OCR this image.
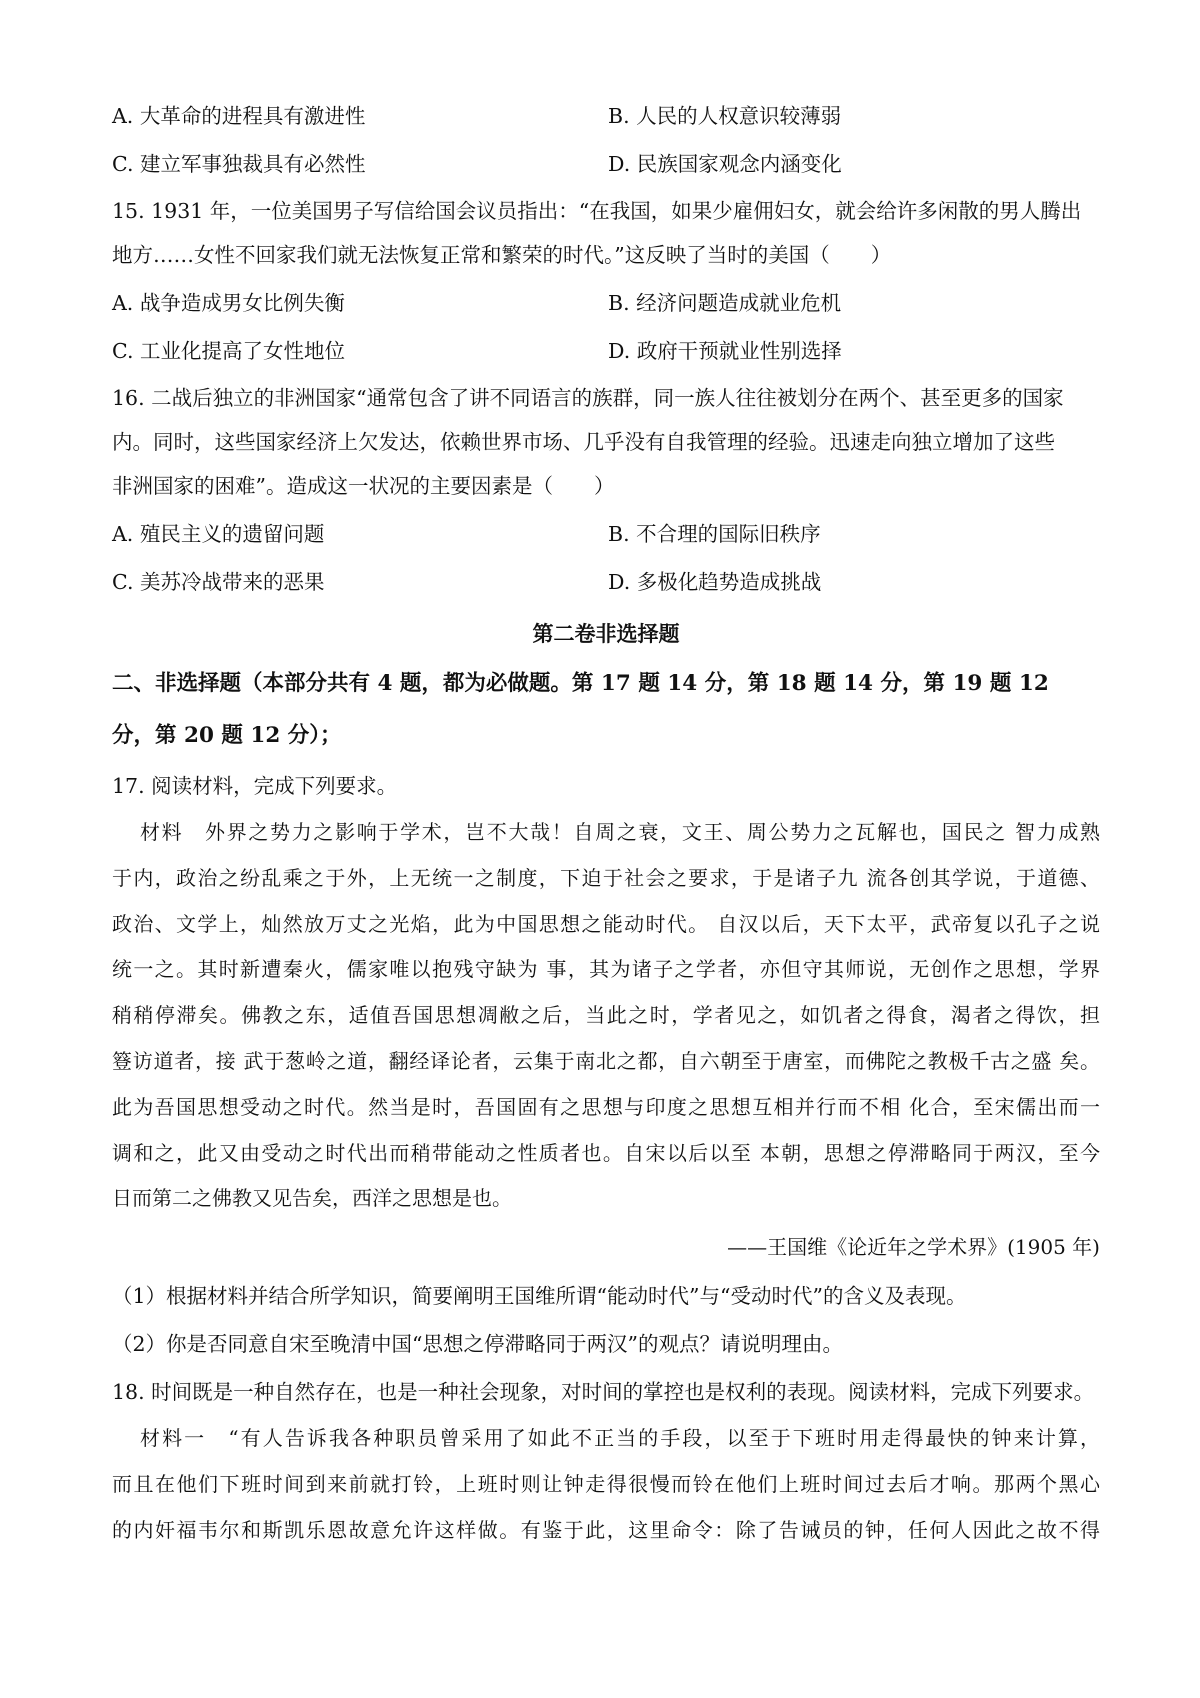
A. 大革命的进程具有激进性	B. 人民的人权意识较薄弱
C. 建立军事独裁具有必然性	D. 民族国家观念内涵变化
15. 1931 年，一位美国男子写信给国会议员指出：“在我国，如果少雇佣妇女，就会给许多闲散的男人腾出
地方……女性不回家我们就无法恢复正常和繁荣的时代。”这反映了当时的美国（　　）
A. 战争造成男女比例失衡	B. 经济问题造成就业危机
C. 工业化提高了女性地位	D. 政府干预就业性别选择
16. 二战后独立的非洲国家“通常包含了讲不同语言的族群，同一族人往往被划分在两个、甚至更多的国家
内。同时，这些国家经济上欠发达，依赖世界市场、几乎没有自我管理的经验。迅速走向独立增加了这些
非洲国家的困难”。造成这一状况的主要因素是（　　）
A. 殖民主义的遗留问题	B. 不合理的国际旧秩序
C. 美苏冷战带来的恶果	D. 多极化趋势造成挑战
第二卷非选择题
二、非选择题（本部分共有 4 题，都为必做题。第 17 题 14 分，第 18 题 14 分，第 19 题 12
分，第 20 题 12 分）；
17. 阅读材料，完成下列要求。
材料　外界之势力之影响于学术，岂不大哉！自周之衰，文王、周公势力之瓦解也，国民之 智力成熟
于内，政治之纷乱乘之于外，上无统一之制度，下迫于社会之要求，于是诸子九 流各创其学说，于道德、
政治、文学上，灿然放万丈之光焰，此为中国思想之能动时代。 自汉以后，天下太平，武帝复以孔子之说
统一之。其时新遭秦火，儒家唯以抱残守缺为 事，其为诸子之学者，亦但守其师说，无创作之思想，学界
稍稍停滞矣。佛教之东，适值吾国思想凋敝之后，当此之时，学者见之，如饥者之得食，渴者之得饮，担
簦访道者，接 武于葱岭之道，翻经译论者，云集于南北之都，自六朝至于唐室，而佛陀之教极千古之盛 矣。
此为吾国思想受动之时代。然当是时，吾国固有之思想与印度之思想互相并行而不相 化合，至宋儒出而一
调和之，此又由受动之时代出而稍带能动之性质者也。自宋以后以至 本朝，思想之停滞略同于两汉，至今
日而第二之佛教又见告矣，西洋之思想是也。
——王国维《论近年之学术界》(1905 年)
（1）根据材料并结合所学知识，简要阐明王国维所谓“能动时代”与“受动时代”的含义及表现。
（2）你是否同意自宋至晚清中国“思想之停滞略同于两汉”的观点？请说明理由。
18. 时间既是一种自然存在，也是一种社会现象，对时间的掌控也是权利的表现。阅读材料，完成下列要求。
材料一　“有人告诉我各种职员曾采用了如此不正当的手段，以至于下班时用走得最快的钟来计算，
而且在他们下班时间到来前就打铃，上班时则让钟走得很慢而铃在他们上班时间过去后才响。那两个黑心
的内奸福韦尔和斯凯乐恩故意允许这样做。有鉴于此，这里命令：除了告诫员的钟，任何人因此之故不得
